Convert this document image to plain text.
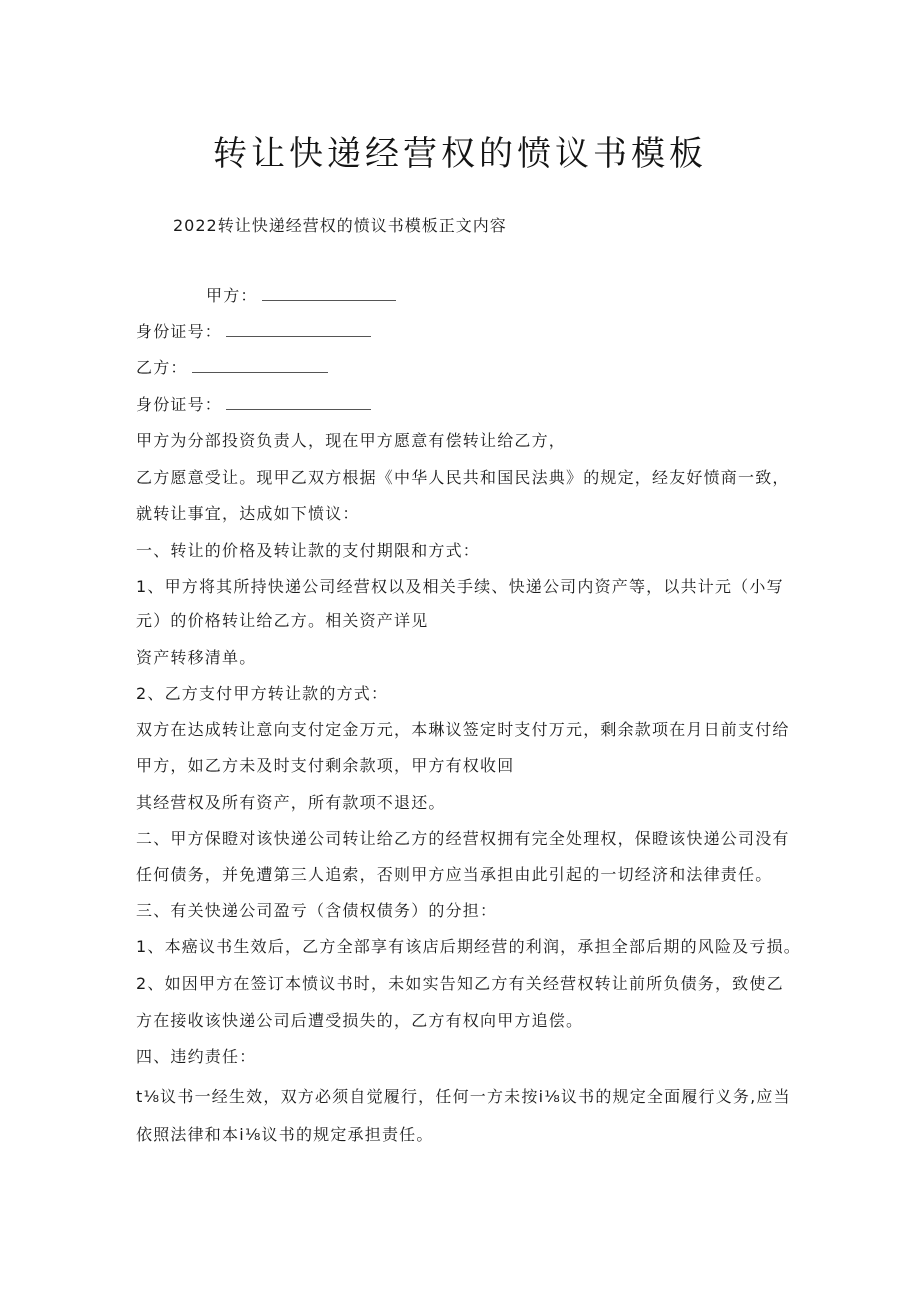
转让快递经营权的愤议书模板
2022转让快递经营权的愤议书模板正文内容
甲方：
身份证号：
乙方：
身份证号：
甲方为分部投资负责人，现在甲方愿意有偿转让给乙方，
乙方愿意受让。现甲乙双方根据《中华人民共和国民法典》的规定，经友好愤商一致，
就转让事宜，达成如下愤议：
一、转让的价格及转让款的支付期限和方式：
1、甲方将其所持快递公司经营权以及相关手续、快递公司内资产等，以共计元（小写
元）的价格转让给乙方。相关资产详见
资产转移清单。
2、乙方支付甲方转让款的方式：
双方在达成转让意向支付定金万元，本琳议签定时支付万元，剩余款项在月日前支付给
甲方，如乙方未及时支付剩余款项，甲方有权收回
其经营权及所有资产，所有款项不退还。
二、甲方保瞪对该快递公司转让给乙方的经营权拥有完全处理权，保瞪该快递公司没有
任何债务，并免遭第三人追索，否则甲方应当承担由此引起的一切经济和法律责任。
三、有关快递公司盈亏（含债权债务）的分担：
1、本癌议书生效后，乙方全部享有该店后期经营的利润，承担全部后期的风险及亏损。
2、如因甲方在签订本愤议书时，未如实告知乙方有关经营权转让前所负债务，致使乙
方在接收该快递公司后遭受损失的，乙方有权向甲方追偿。
四、违约责任：
t⅛议书一经生效，双方必须自觉履行，任何一方未按i⅛议书的规定全面履行义务,应当
依照法律和本i⅛议书的规定承担责任。
